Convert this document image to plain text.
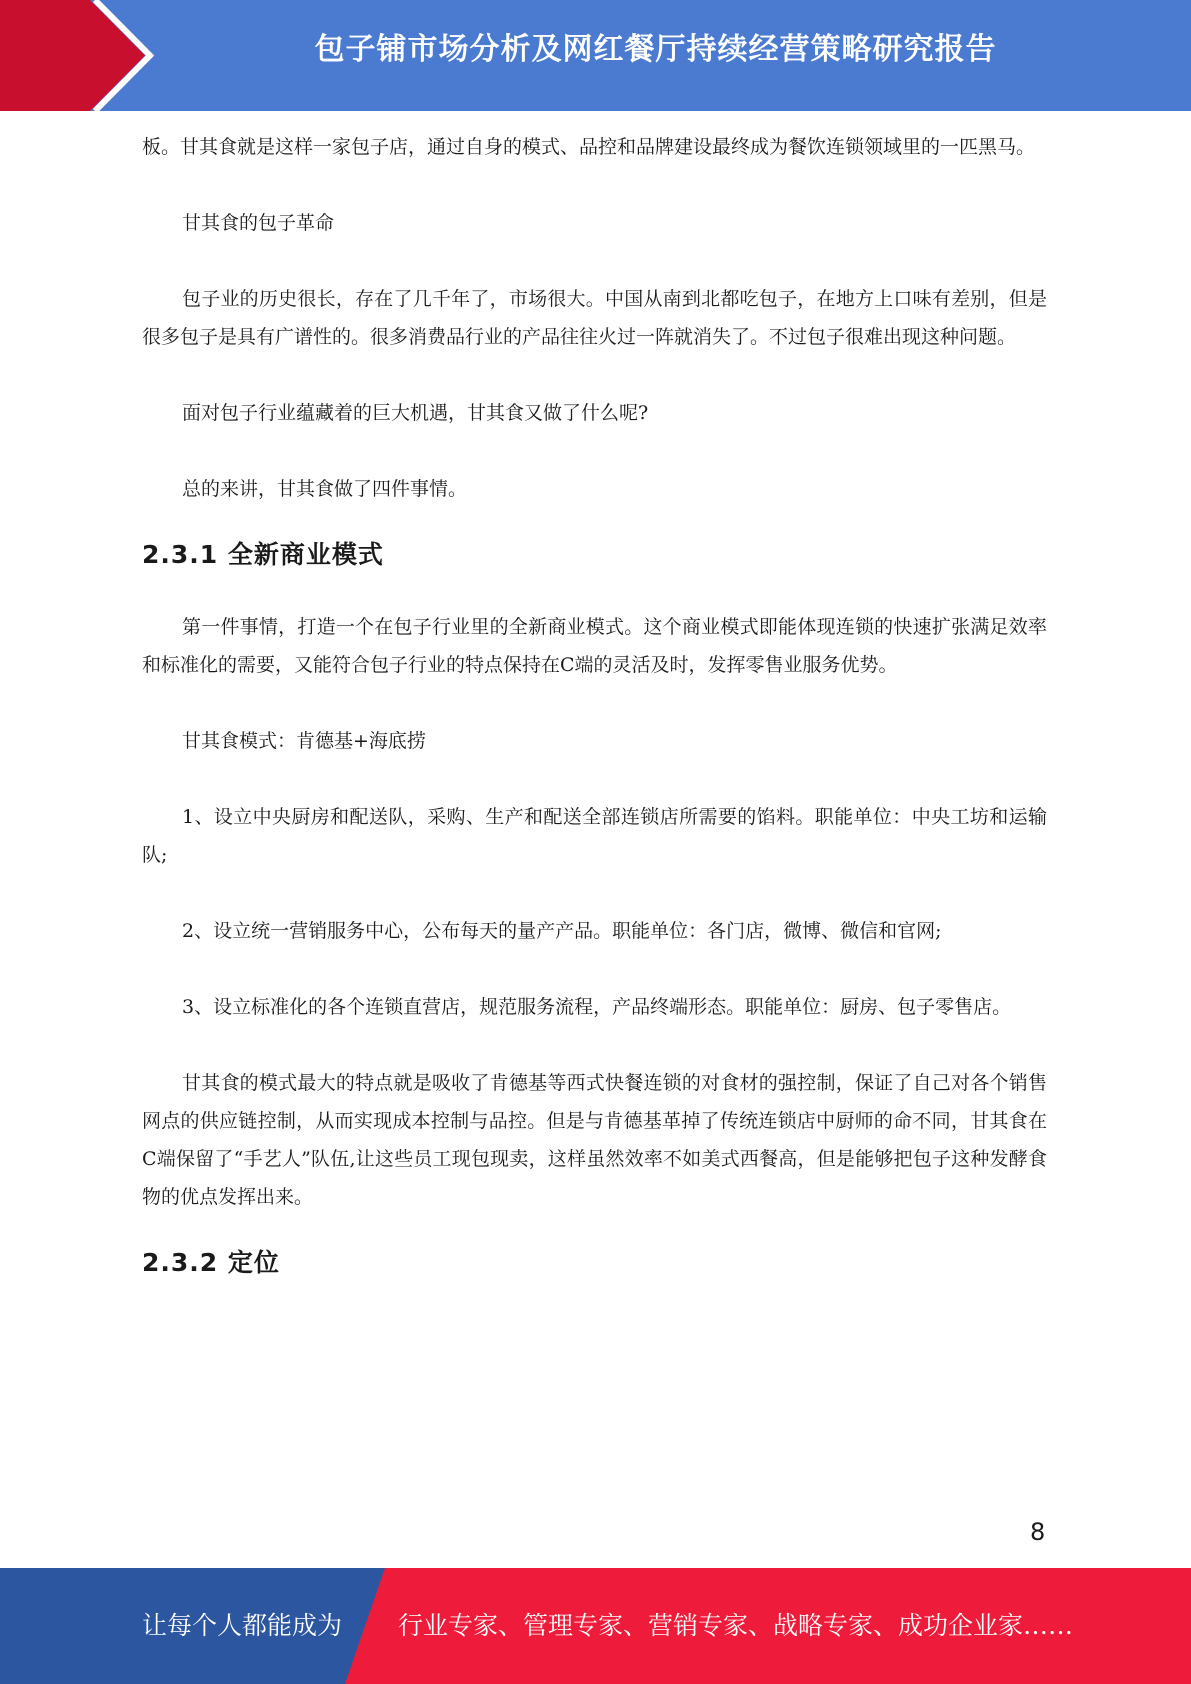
包子铺市场分析及网红餐厅持续经营策略研究报告

板。甘其食就是这样一家包子店，通过自身的模式、品控和品牌建设最终成为餐饮连锁领域里的一匹黑马。

甘其食的包子革命

包子业的历史很长，存在了几千年了，市场很大。中国从南到北都吃包子，在地方上口味有差别，但是很多包子是具有广谱性的。很多消费品行业的产品往往火过一阵就消失了。不过包子很难出现这种问题。

面对包子行业蕴藏着的巨大机遇，甘其食又做了什么呢?

总的来讲，甘其食做了四件事情。

2.3.1 全新商业模式

第一件事情，打造一个在包子行业里的全新商业模式。这个商业模式即能体现连锁的快速扩张满足效率和标准化的需要，又能符合包子行业的特点保持在C端的灵活及时，发挥零售业服务优势。

甘其食模式：肯德基+海底捞

1、设立中央厨房和配送队，采购、生产和配送全部连锁店所需要的馅料。职能单位：中央工坊和运输队;

2、设立统一营销服务中心，公布每天的量产产品。职能单位：各门店，微博、微信和官网;

3、设立标准化的各个连锁直营店，规范服务流程，产品终端形态。职能单位：厨房、包子零售店。

甘其食的模式最大的特点就是吸收了肯德基等西式快餐连锁的对食材的强控制，保证了自己对各个销售网点的供应链控制，从而实现成本控制与品控。但是与肯德基革掉了传统连锁店中厨师的命不同，甘其食在C端保留了“手艺人”队伍,让这些员工现包现卖，这样虽然效率不如美式西餐高，但是能够把包子这种发酵食物的优点发挥出来。

2.3.2 定位
8
让每个人都能成为 行业专家、管理专家、营销专家、战略专家、成功企业家……
